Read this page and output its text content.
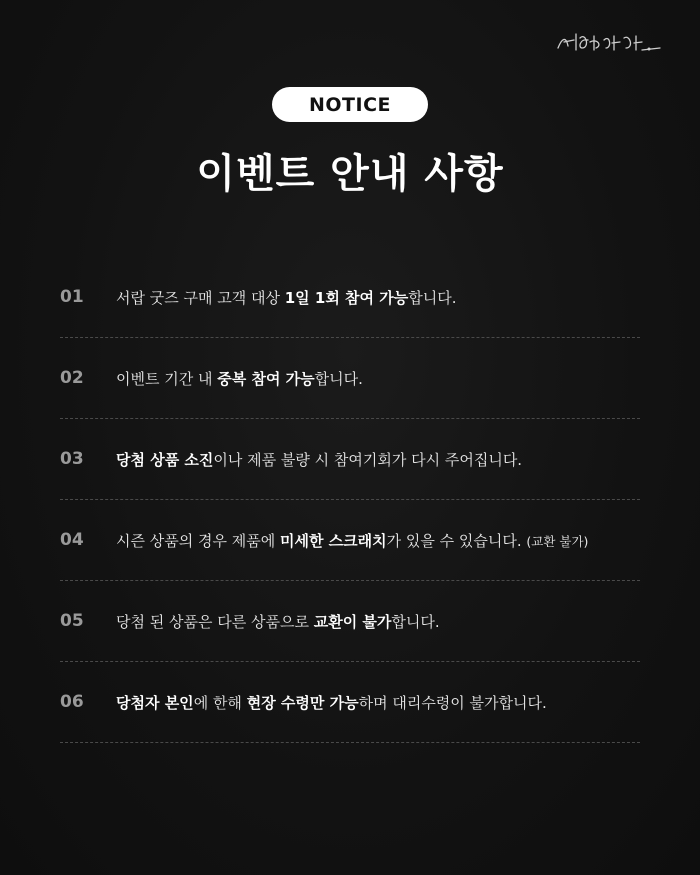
NOTICE
이벤트 안내 사항
01 서랍 굿즈 구매 고객 대상 1일 1회 참여 가능합니다.
02 이벤트 기간 내 중복 참여 가능합니다.
03 당첨 상품 소진이나 제품 불량 시 참여기회가 다시 주어집니다.
04 시즌 상품의 경우 제품에 미세한 스크래치가 있을 수 있습니다. (교환 불가)
05 당첨 된 상품은 다른 상품으로 교환이 불가합니다.
06 당첨자 본인에 한해 현장 수령만 가능하며 대리수령이 불가합니다.
